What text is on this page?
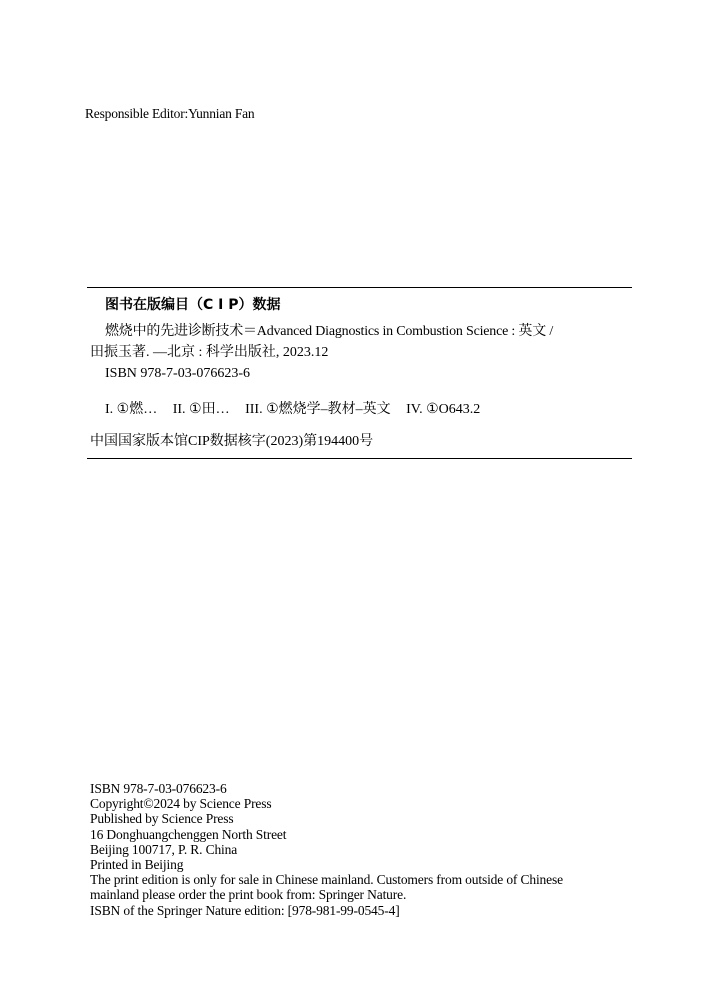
Responsible Editor:Yunnian Fan
图书在版编目（C I P）数据
燃烧中的先进诊断技术＝Advanced Diagnostics in Combustion Science : 英文 /
田振玉著. —北京 : 科学出版社, 2023.12
ISBN 978-7-03-076623-6
I. ①燃… II. ①田… III. ①燃烧学–教材–英文 IV. ①O643.2
中国国家版本馆CIP数据核字(2023)第194400号
ISBN 978-7-03-076623-6
Copyright©2024 by Science Press
Published by Science Press
16 Donghuangchenggen North Street
Beijing 100717, P. R. China
Printed in Beijing
The print edition is only for sale in Chinese mainland. Customers from outside of Chinese
mainland please order the print book from: Springer Nature.
ISBN of the Springer Nature edition: [978-981-99-0545-4]
